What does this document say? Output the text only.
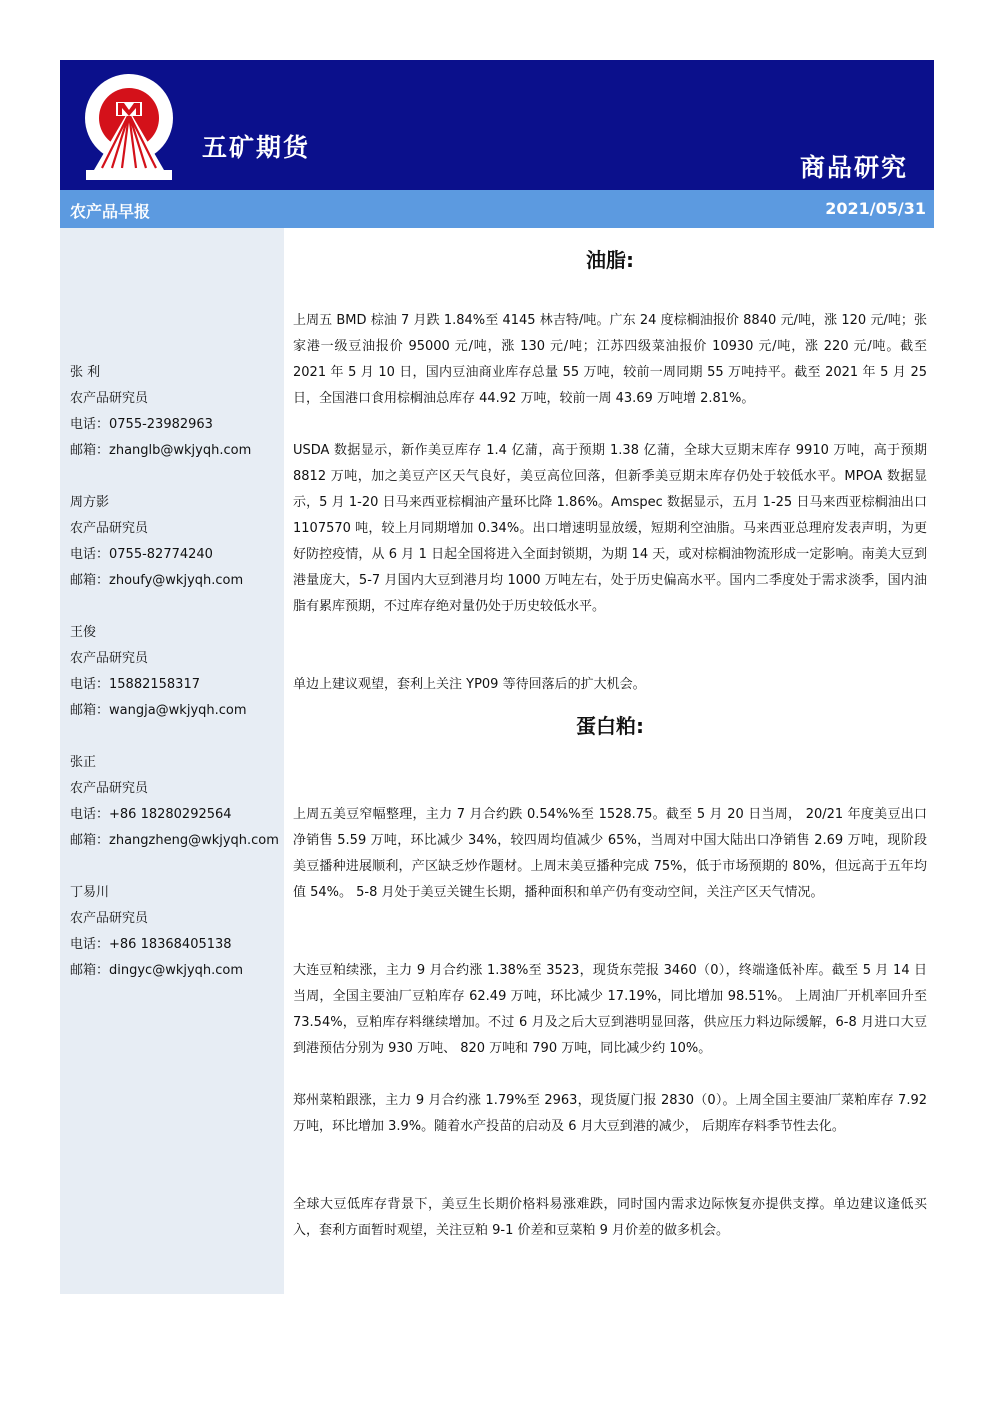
五矿期货
商品研究
农产品早报	2021/05/31
张 利
农产品研究员
电话：0755-23982963
邮箱：zhanglb@wkjyqh.com
周方影
农产品研究员
电话：0755-82774240
邮箱：zhoufy@wkjyqh.com
王俊
农产品研究员
电话：15882158317
邮箱：wangja@wkjyqh.com
张正
农产品研究员
电话：+86 18280292564
邮箱：zhangzheng@wkjyqh.com
丁易川
农产品研究员
电话：+86 18368405138
邮箱：dingyc@wkjyqh.com
油脂:
上周五 BMD 棕油 7 月跌 1.84%至 4145 林吉特/吨。广东 24 度棕榈油报价 8840 元/吨，涨 120 元/吨；张家港一级豆油报价 95000 元/吨，涨 130 元/吨；江苏四级菜油报价 10930 元/吨，涨 220 元/吨。截至 2021 年 5 月 10 日，国内豆油商业库存总量 55 万吨，较前一周同期 55 万吨持平。截至 2021 年 5 月 25 日，全国港口食用棕榈油总库存 44.92 万吨，较前一周 43.69 万吨增 2.81%。
USDA 数据显示，新作美豆库存 1.4 亿蒲，高于预期 1.38 亿蒲，全球大豆期末库存 9910 万吨，高于预期 8812 万吨，加之美豆产区天气良好，美豆高位回落，但新季美豆期末库存仍处于较低水平。MPOA 数据显示，5 月 1-20 日马来西亚棕榈油产量环比降 1.86%。Amspec 数据显示，五月 1-25 日马来西亚棕榈油出口 1107570 吨，较上月同期增加 0.34%。出口增速明显放缓，短期利空油脂。马来西亚总理府发表声明，为更好防控疫情，从 6 月 1 日起全国将进入全面封锁期，为期 14 天，或对棕榈油物流形成一定影响。南美大豆到港量庞大，5-7 月国内大豆到港月均 1000 万吨左右，处于历史偏高水平。国内二季度处于需求淡季，国内油脂有累库预期，不过库存绝对量仍处于历史较低水平。
单边上建议观望，套利上关注 YP09 等待回落后的扩大机会。
蛋白粕:
上周五美豆窄幅整理，主力 7 月合约跌 0.54%%至 1528.75。截至 5 月 20 日当周， 20/21 年度美豆出口净销售 5.59 万吨，环比减少 34%，较四周均值减少 65%，当周对中国大陆出口净销售 2.69 万吨，现阶段美豆播种进展顺利，产区缺乏炒作题材。上周末美豆播种完成 75%，低于市场预期的 80%，但远高于五年均值 54%。 5-8 月处于美豆关键生长期，播种面积和单产仍有变动空间，关注产区天气情况。
大连豆粕续涨，主力 9 月合约涨 1.38%至 3523，现货东莞报 3460（0），终端逢低补库。截至 5 月 14 日当周，全国主要油厂豆粕库存 62.49 万吨，环比减少 17.19%，同比增加 98.51%。 上周油厂开机率回升至 73.54%，豆粕库存料继续增加。不过 6 月及之后大豆到港明显回落，供应压力料边际缓解，6-8 月进口大豆到港预估分别为 930 万吨、 820 万吨和 790 万吨，同比减少约 10%。
郑州菜粕跟涨，主力 9 月合约涨 1.79%至 2963，现货厦门报 2830（0）。上周全国主要油厂菜粕库存 7.92 万吨，环比增加 3.9%。随着水产投苗的启动及 6 月大豆到港的减少， 后期库存料季节性去化。
全球大豆低库存背景下，美豆生长期价格料易涨难跌，同时国内需求边际恢复亦提供支撑。单边建议逢低买入，套利方面暂时观望，关注豆粕 9-1 价差和豆菜粕 9 月价差的做多机会。
